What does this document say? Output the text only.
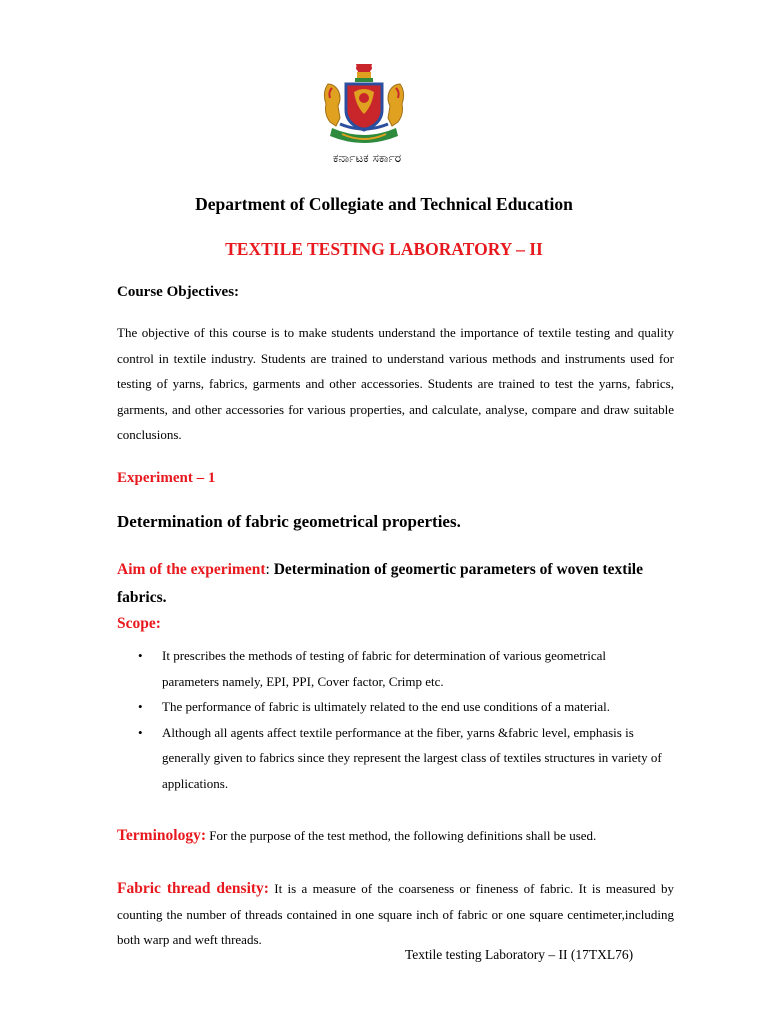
ಕರ್ನಾಟಕ ಸರ್ಕಾರ
Department of Collegiate and Technical Education
TEXTILE TESTING LABORATORY – II
Course Objectives:
The objective of this course is to make students understand the importance of textile testing and quality control in textile industry. Students are trained to understand various methods and instruments used for testing of yarns, fabrics, garments and other accessories. Students are trained to test the yarns, fabrics, garments, and other accessories for various properties, and calculate, analyse, compare and draw suitable conclusions.
Experiment – 1
Determination of fabric geometrical properties.
Aim of the experiment: Determination of geomertic parameters of woven textile fabrics.
Scope:
• It prescribes the methods of testing of fabric for determination of various geometrical parameters namely, EPI, PPI, Cover factor, Crimp etc.
• The performance of fabric is ultimately related to the end use conditions of a material.
• Although all agents affect textile performance at the fiber, yarns &fabric level, emphasis is generally given to fabrics since they represent the largest class of textiles structures in variety of applications.
Terminology: For the purpose of the test method, the following definitions shall be used.
Fabric thread density: It is a measure of the coarseness or fineness of fabric. It is measured by counting the number of threads contained in one square inch of fabric or one square centimeter,including both warp and weft threads.
Textile testing Laboratory – II (17TXL76)
